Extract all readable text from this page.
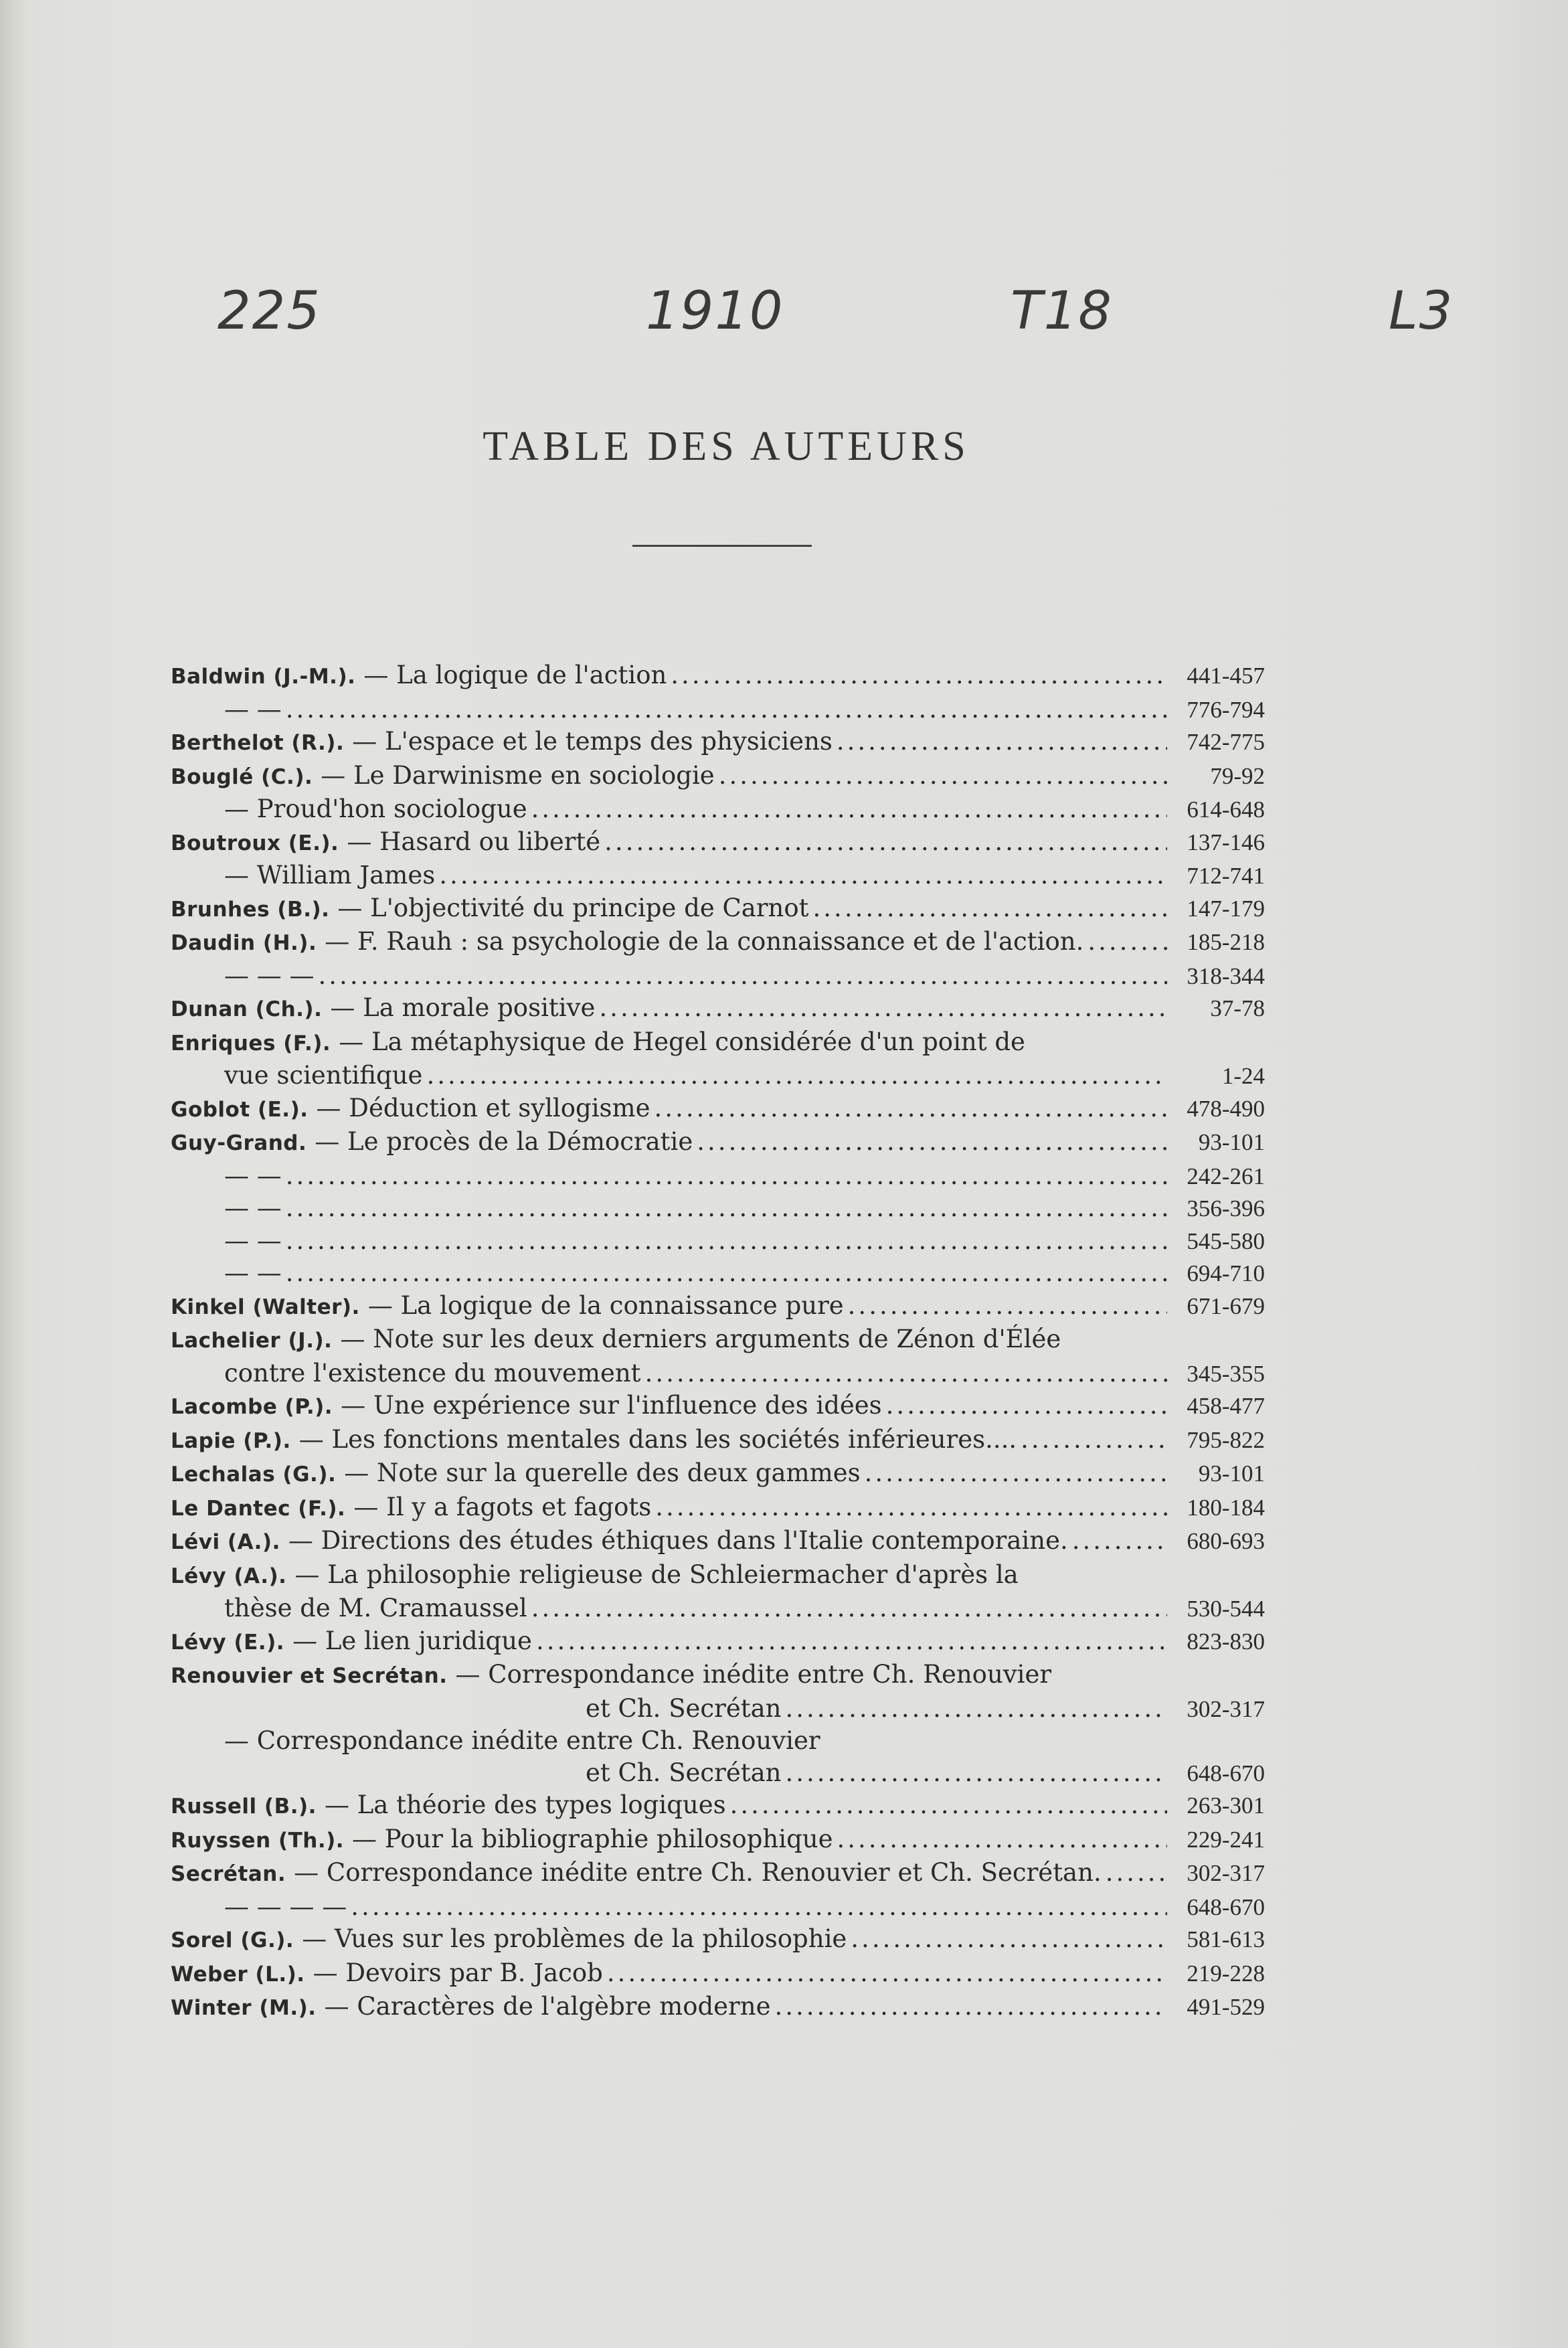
225	1910	T18	L3
TABLE DES AUTEURS
Baldwin (J.-M.). — La logique de l'action .....	441-457
— — .....	776-794
Berthelot (R.). — L'espace et le temps des physiciens .....	742-775
Bouglé (C.). — Le Darwinisme en sociologie .....	79-92
— Proud'hon sociologue .....	614-648
Boutroux (E.). — Hasard ou liberté .....	137-146
— William James .....	712-741
Brunhes (B.). — L'objectivité du principe de Carnot .....	147-179
Daudin (H.). — F. Rauh : sa psychologie de la connaissance et de l'action. .....	185-218
— — — .....	318-344
Dunan (Ch.). — La morale positive .....	37-78
Enriques (F.). — La métaphysique de Hegel considérée d'un point de
vue scientifique .....	1-24
Goblot (E.). — Déduction et syllogisme .....	478-490
Guy-Grand. — Le procès de la Démocratie .....	93-101
— — .....	242-261
— — .....	356-396
— — .....	545-580
— — .....	694-710
Kinkel (Walter). — La logique de la connaissance pure .....	671-679
Lachelier (J.). — Note sur les deux derniers arguments de Zénon d'Élée
contre l'existence du mouvement .....	345-355
Lacombe (P.). — Une expérience sur l'influence des idées .....	458-477
Lapie (P.). — Les fonctions mentales dans les sociétés inférieures.... .....	795-822
Lechalas (G.). — Note sur la querelle des deux gammes .....	93-101
Le Dantec (F.). — Il y a fagots et fagots .....	180-184
Lévi (A.). — Directions des études éthiques dans l'Italie contemporaine. .....	680-693
Lévy (A.). — La philosophie religieuse de Schleiermacher d'après la
thèse de M. Cramaussel .....	530-544
Lévy (E.). — Le lien juridique .....	823-830
Renouvier et Secrétan. — Correspondance inédite entre Ch. Renouvier
et Ch. Secrétan .....	302-317
— Correspondance inédite entre Ch. Renouvier
et Ch. Secrétan .....	648-670
Russell (B.). — La théorie des types logiques .....	263-301
Ruyssen (Th.). — Pour la bibliographie philosophique .....	229-241
Secrétan. — Correspondance inédite entre Ch. Renouvier et Ch. Secrétan. .....	302-317
— — — — .....	648-670
Sorel (G.). — Vues sur les problèmes de la philosophie .....	581-613
Weber (L.). — Devoirs par B. Jacob .....	219-228
Winter (M.). — Caractères de l'algèbre moderne .....	491-529
